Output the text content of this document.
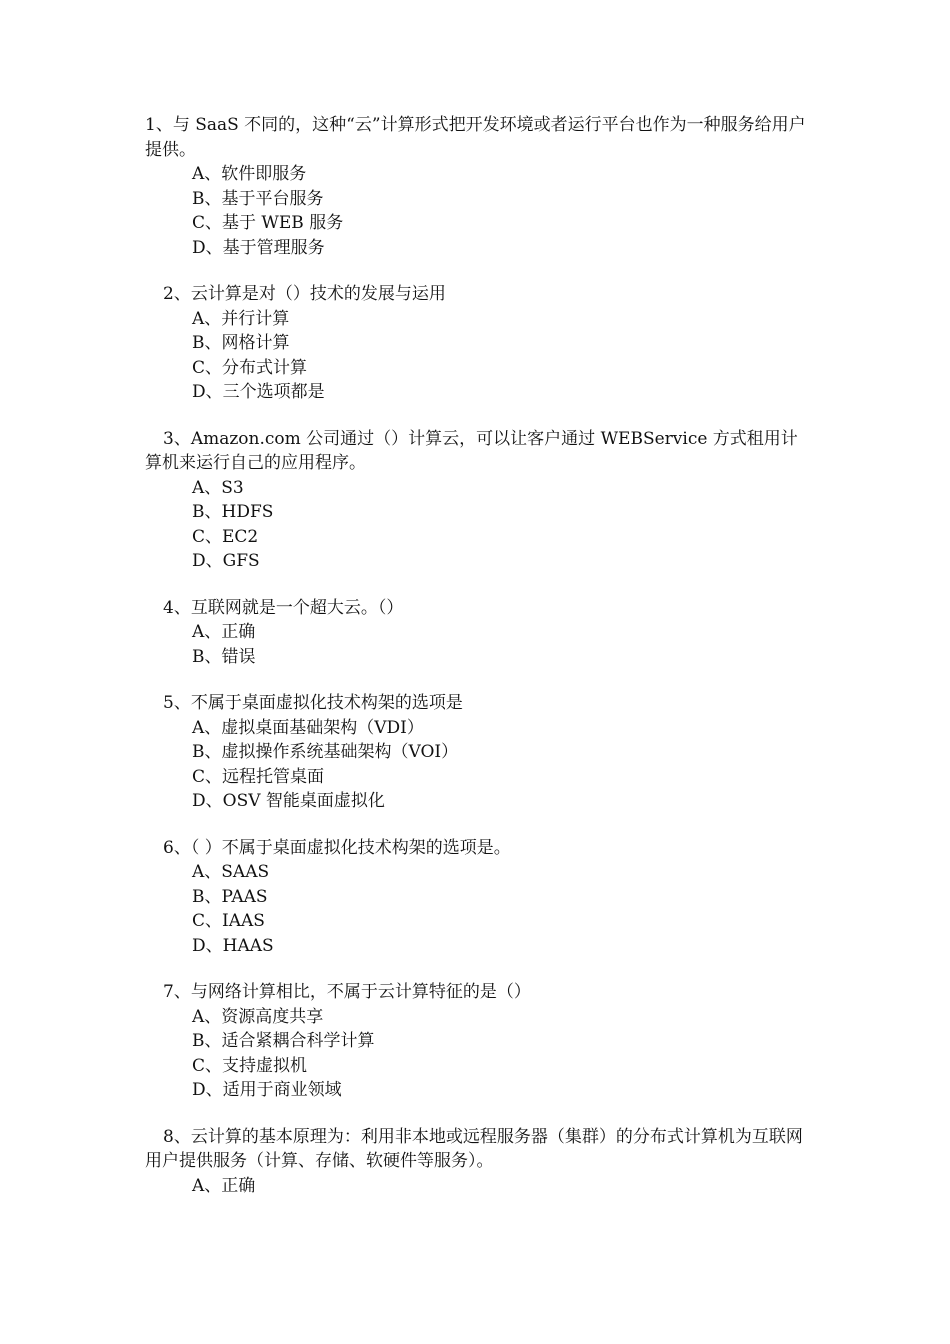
1、与 SaaS 不同的，这种“云”计算形式把开发环境或者运行平台也作为一种服务给用户提供。
A、软件即服务
B、基于平台服务
C、基于 WEB 服务
D、基于管理服务
2、云计算是对（）技术的发展与运用
A、并行计算
B、网格计算
C、分布式计算
D、三个选项都是
3、Amazon.com 公司通过（）计算云，可以让客户通过 WEBService 方式租用计算机来运行自己的应用程序。
A、S3
B、HDFS
C、EC2
D、GFS
4、互联网就是一个超大云。（）
A、正确
B、错误
5、不属于桌面虚拟化技术构架的选项是
A、虚拟桌面基础架构（VDI）
B、虚拟操作系统基础架构（VOI）
C、远程托管桌面
D、OSV 智能桌面虚拟化
6、（ ）不属于桌面虚拟化技术构架的选项是。
A、SAAS
B、PAAS
C、IAAS
D、HAAS
7、与网络计算相比，不属于云计算特征的是（）
A、资源高度共享
B、适合紧耦合科学计算
C、支持虚拟机
D、适用于商业领域
8、云计算的基本原理为：利用非本地或远程服务器（集群）的分布式计算机为互联网用户提供服务（计算、存储、软硬件等服务）。
A、正确
